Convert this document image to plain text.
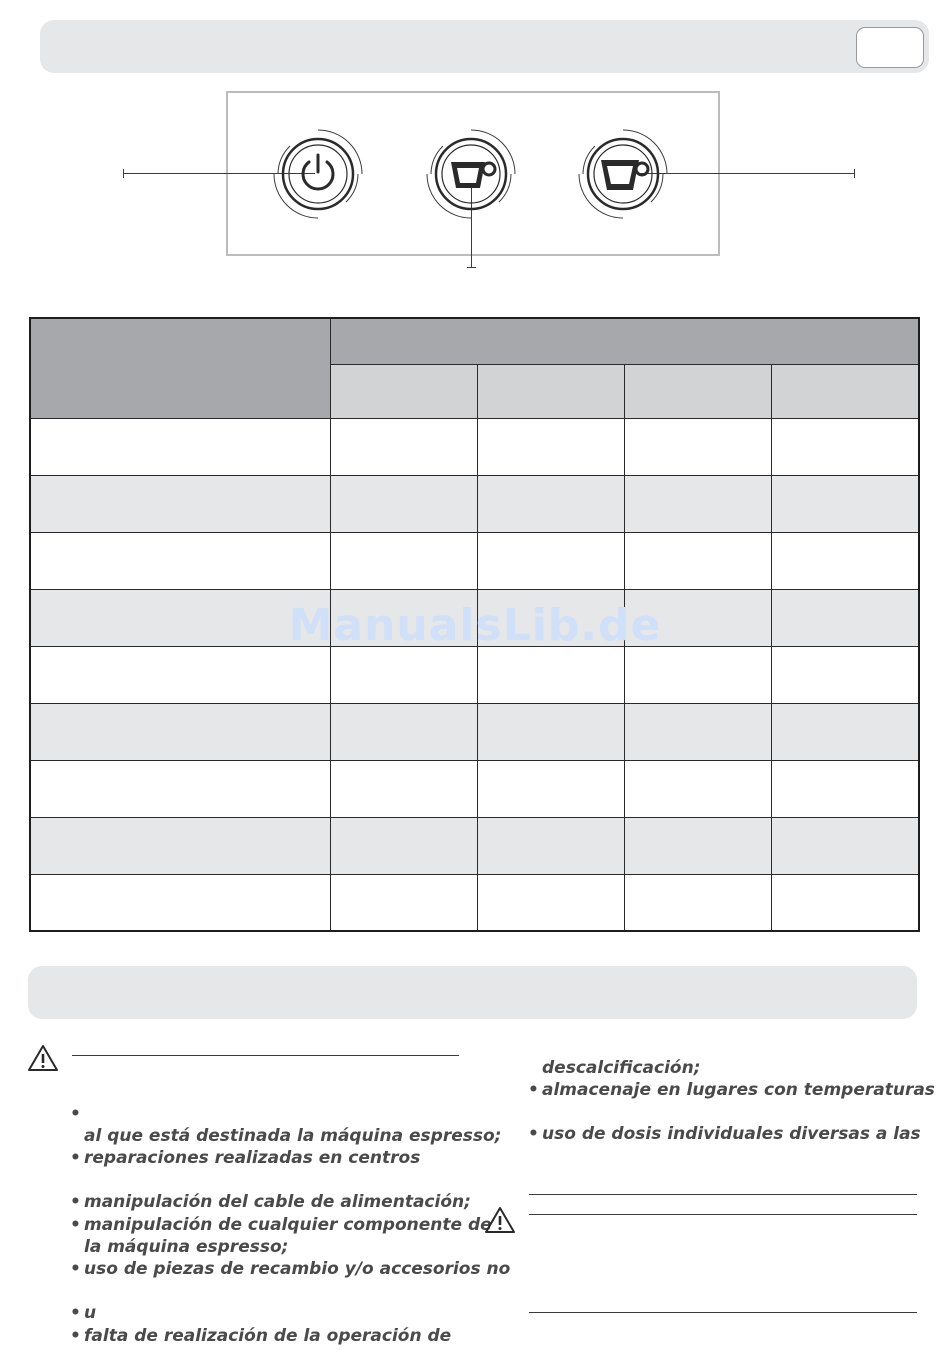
ManualsLib.de
•
al que está destinada la máquina espresso;
• reparaciones realizadas en centros
• manipulación del cable de alimentación;
• manipulación de cualquier componente de
la máquina espresso;
• uso de piezas de recambio y/o accesorios no
• u
• falta de realización de la operación de
descalcificación;
• almacenaje en lugares con temperaturas
• uso de dosis individuales diversas a las
